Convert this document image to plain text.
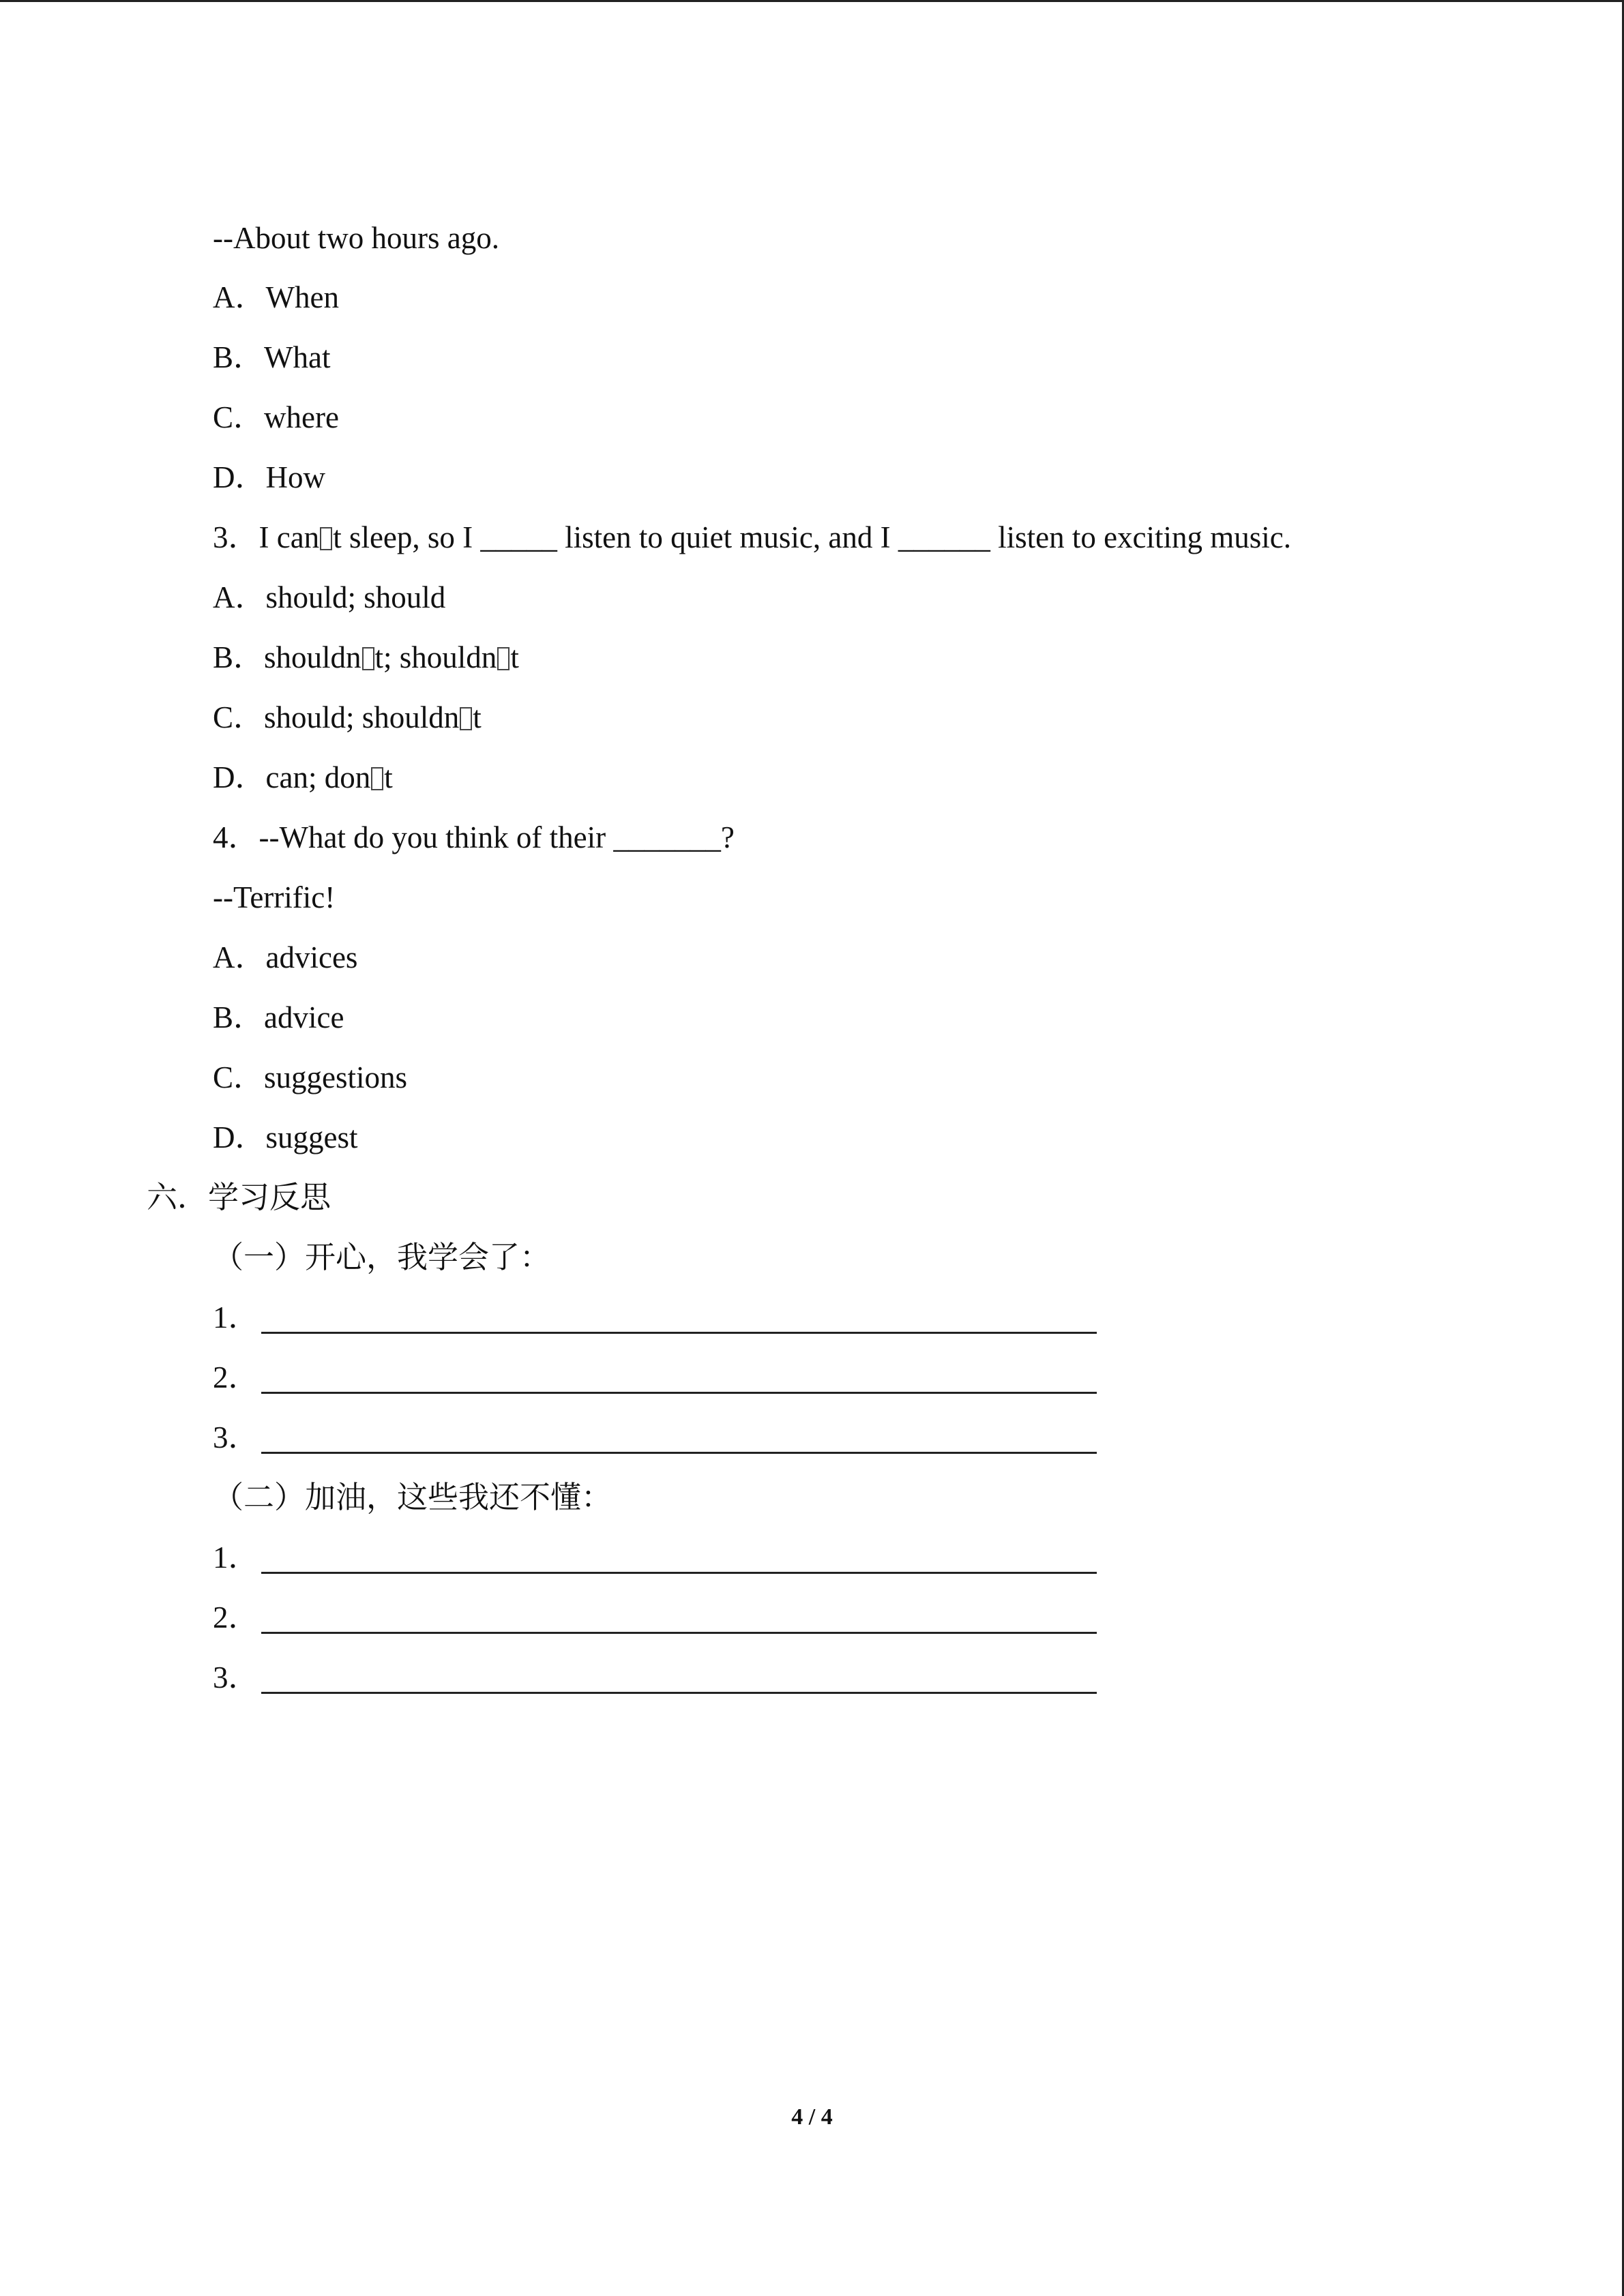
--About two hours ago.
A．When
B．What
C．where
D．How
3．I can t sleep, so I _____ listen to quiet music, and I ______ listen to exciting music.
A．should; should
B．shouldn t; shouldn t
C．should; shouldn t
D．can; don t
4．--What do you think of their _______?
--Terrific!
A．advices
B．advice
C．suggestions
D．suggest
六．学习反思
（一）开心，我学会了：
1．
2．
3．
（二）加油，这些我还不懂：
1．
2．
3．
4 / 4
